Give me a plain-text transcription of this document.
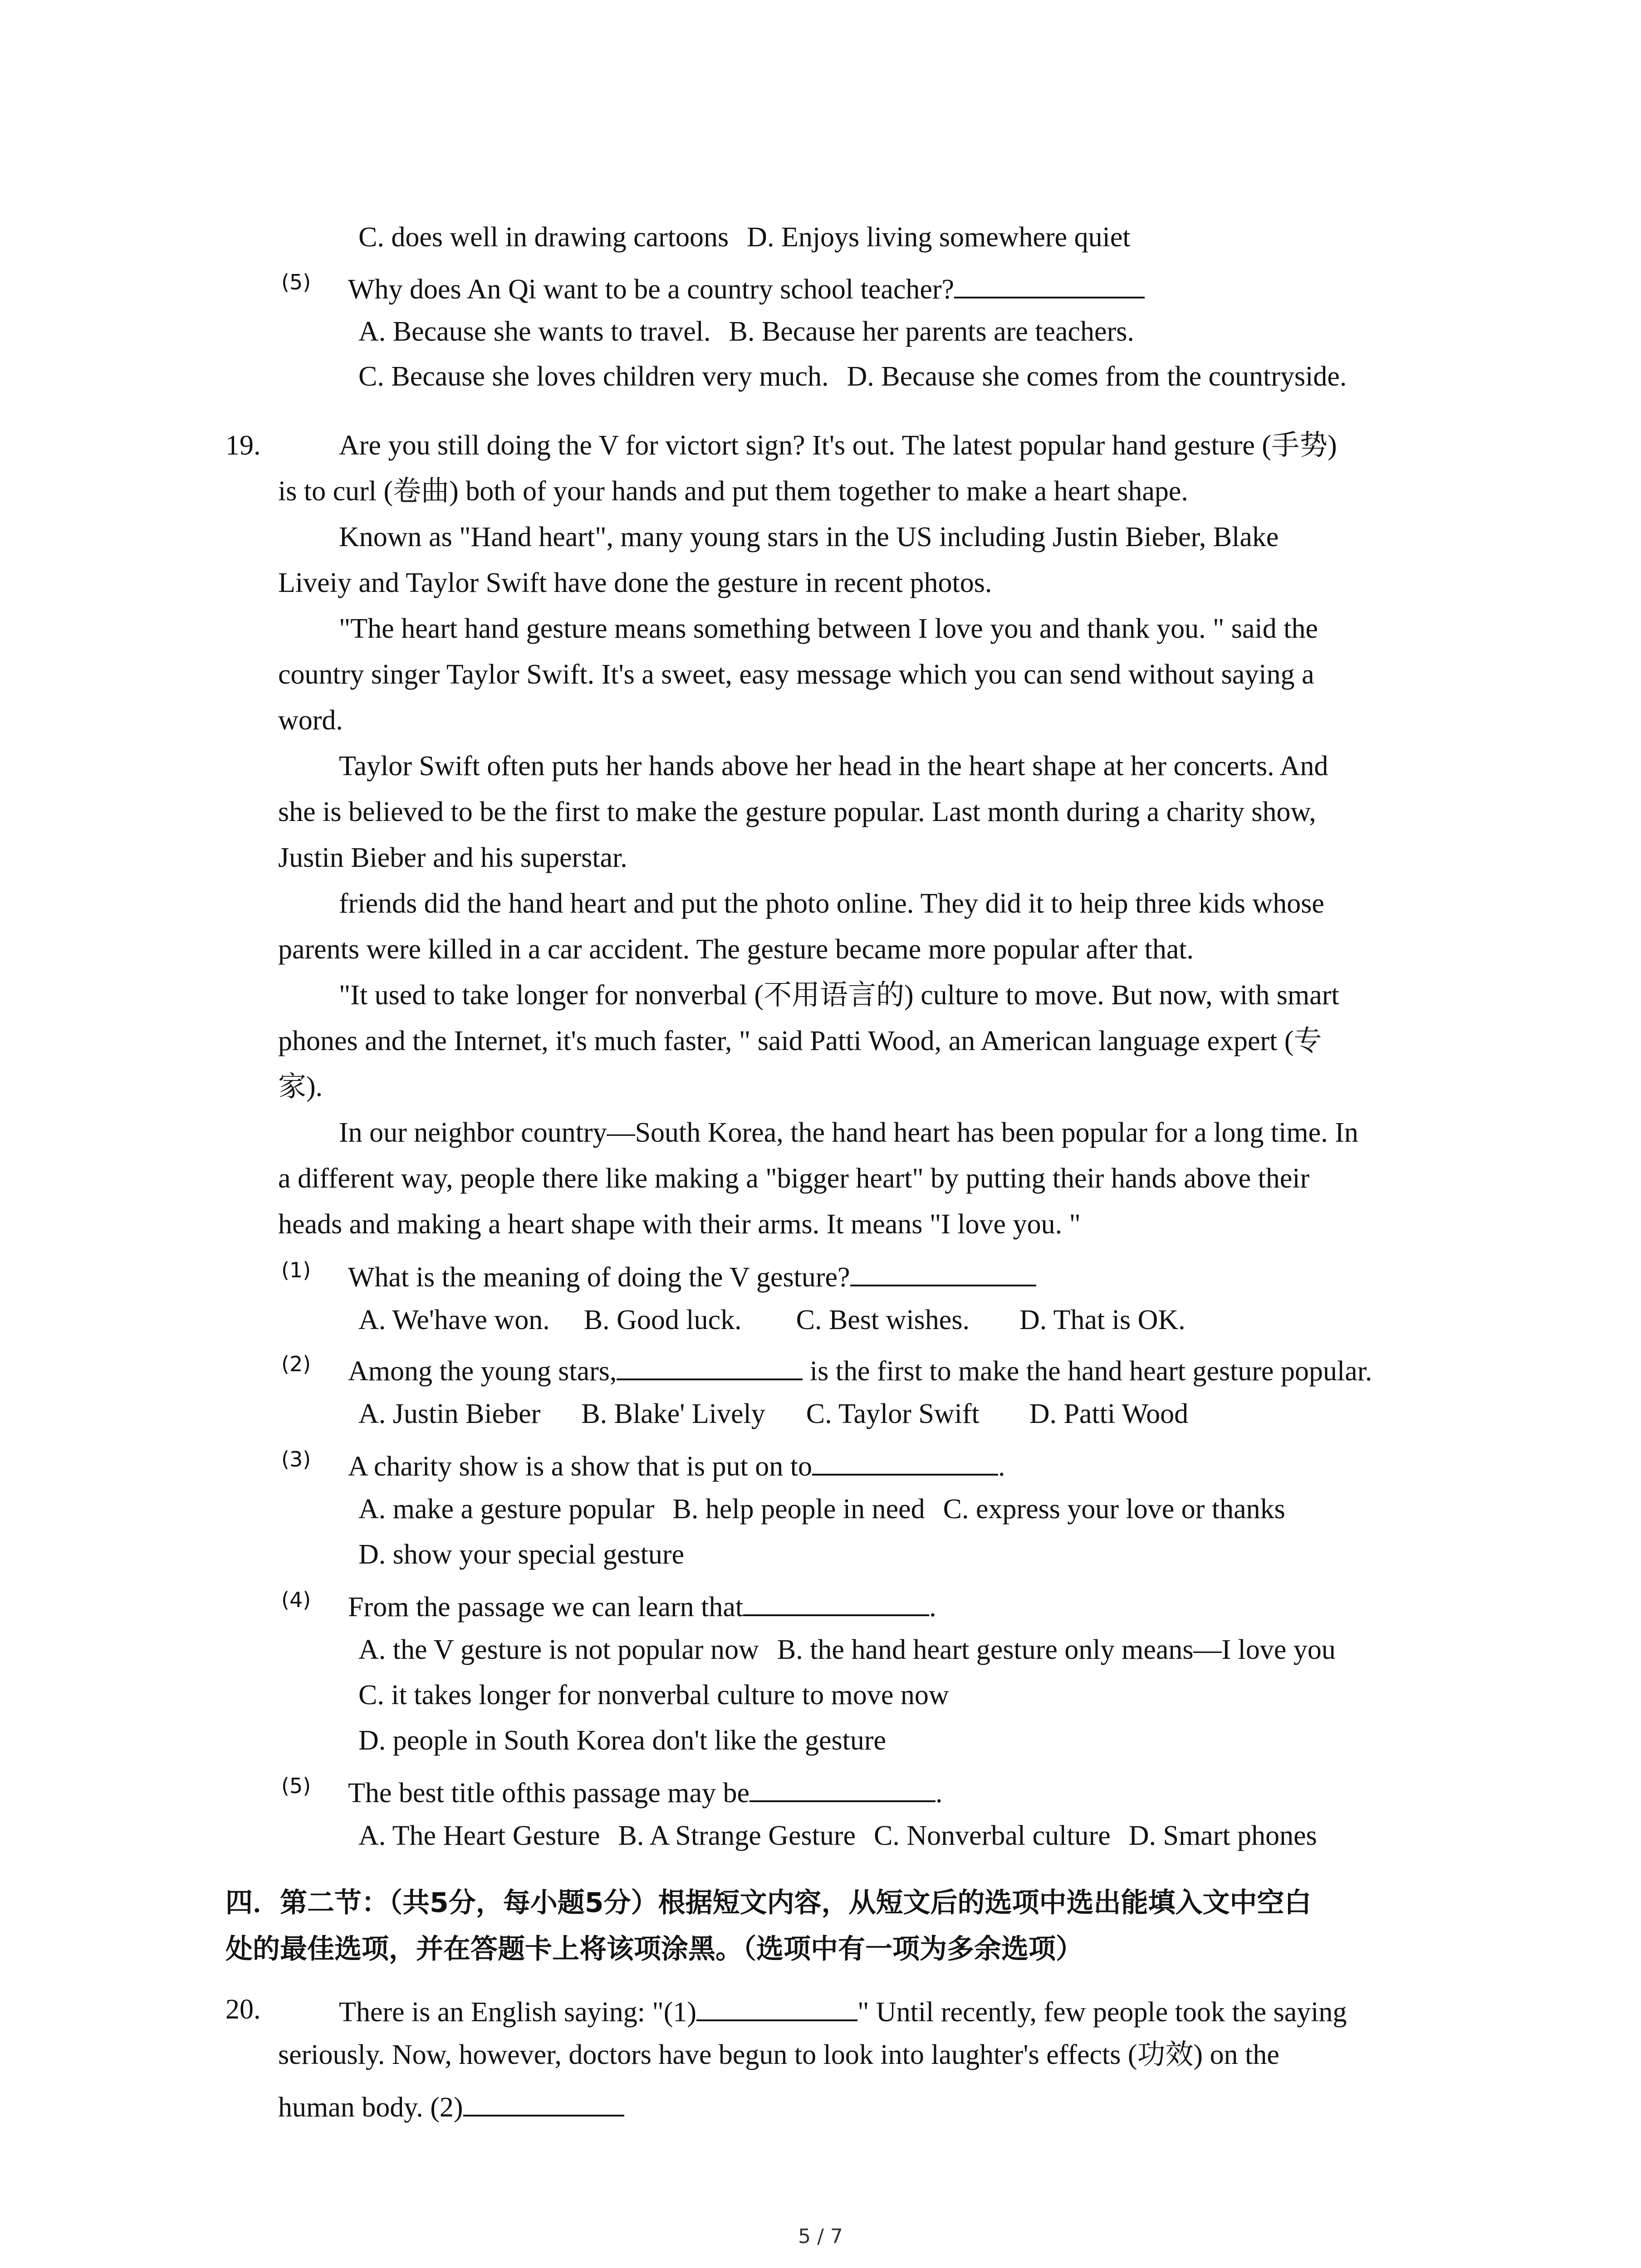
C. does well in drawing cartoons D. Enjoys living somewhere quiet
(5) Why does An Qi want to be a country school teacher?
A. Because she wants to travel. B. Because her parents are teachers.
C. Because she loves children very much. D. Because she comes from the countryside.
19.	Are you still doing the V for victort sign? It's out. The latest popular hand gesture (手势)
is to curl (卷曲) both of your hands and put them together to make a heart shape.
Known as "Hand heart", many young stars in the US including Justin Bieber, Blake
Liveiy and Taylor Swift have done the gesture in recent photos.
"The heart hand gesture means something between I love you and thank you. " said the
country singer Taylor Swift. It's a sweet, easy message which you can send without saying a
word.
Taylor Swift often puts her hands above her head in the heart shape at her concerts. And
she is believed to be the first to make the gesture popular. Last month during a charity show,
Justin Bieber and his superstar.
friends did the hand heart and put the photo online. They did it to heip three kids whose
parents were killed in a car accident. The gesture became more popular after that.
"It used to take longer for nonverbal (不用语言的) culture to move. But now, with smart
phones and the Internet, it's much faster, " said Patti Wood, an American language expert (专
家).
In our neighbor country—South Korea, the hand heart has been popular for a long time. In
a different way, people there like making a "bigger heart" by putting their hands above their
heads and making a heart shape with their arms. It means "I love you. "
(1) What is the meaning of doing the V gesture?
A. We'have won. B. Good luck. C. Best wishes. D. That is OK.
(2) Among the young stars,	is the first to make the hand heart gesture popular.
A. Justin Bieber B. Blake' Lively C. Taylor Swift D. Patti Wood
(3) A charity show is a show that is put on to	.
A. make a gesture popular B. help people in need C. express your love or thanks
D. show your special gesture
(4) From the passage we can learn that	.
A. the V gesture is not popular now B. the hand heart gesture only means—I love you
C. it takes longer for nonverbal culture to move now
D. people in South Korea don't like the gesture
(5) The best title ofthis passage may be	.
A. The Heart Gesture B. A Strange Gesture C. Nonverbal culture D. Smart phones
四．第二节：（共5分，每小题5分）根据短文内容，从短文后的选项中选出能填入文中空白
处的最佳选项，并在答题卡上将该项涂黑。（选项中有一项为多余选项）
20.	There is an English saying: "(1)	" Until recently, few people took the saying
seriously. Now, however, doctors have begun to look into laughter's effects (功效) on the
human body. (2)
5 / 7
